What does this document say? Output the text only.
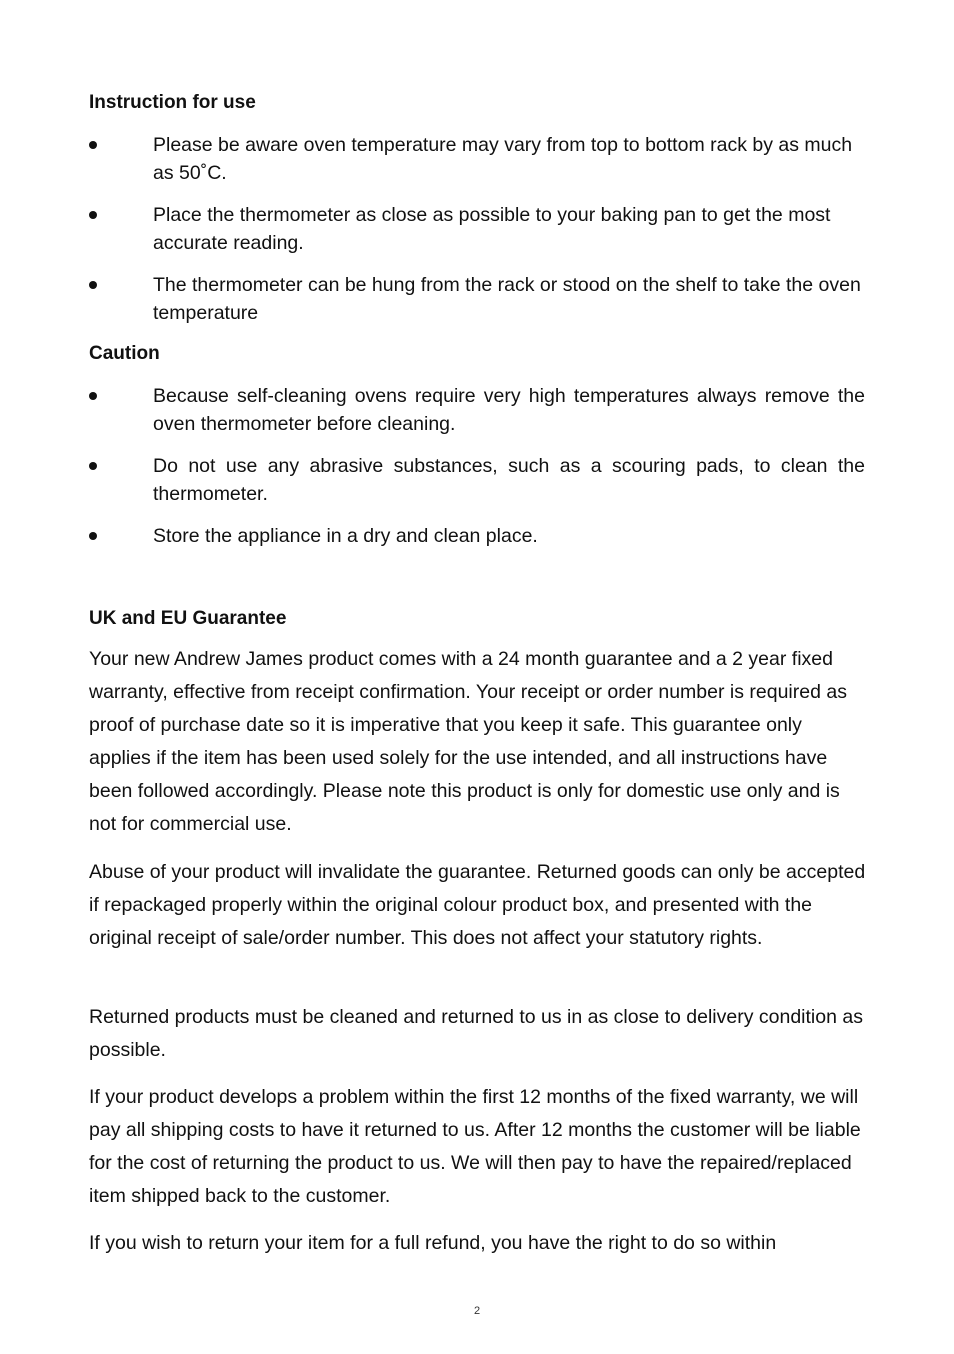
Instruction for use

Please be aware oven temperature may vary from top to bottom rack by as much as 50˚C.

Place the thermometer as close as possible to your baking pan to get the most accurate reading.

The thermometer can be hung from the rack or stood on the shelf to take the oven temperature

Caution

Because self-cleaning ovens require very high temperatures always remove the oven thermometer before cleaning.

Do not use any abrasive substances, such as a scouring pads, to clean the thermometer.

Store the appliance in a dry and clean place.

UK and EU Guarantee

Your new Andrew James product comes with a 24 month guarantee and a 2 year fixed warranty, effective from receipt confirmation. Your receipt or order number is required as proof of purchase date so it is imperative that you keep it safe. This guarantee only applies if the item has been used solely for the use intended, and all instructions have been followed accordingly. Please note this product is only for domestic use only and is not for commercial use.

Abuse of your product will invalidate the guarantee. Returned goods can only be accepted if repackaged properly within the original colour product box, and presented with the original receipt of sale/order number. This does not affect your statutory rights.

Returned products must be cleaned and returned to us in as close to delivery condition as possible.

If your product develops a problem within the first 12 months of the fixed warranty, we will pay all shipping costs to have it returned to us. After 12 months the customer will be liable for the cost of returning the product to us. We will then pay to have the repaired/replaced item shipped back to the customer.

If you wish to return your item for a full refund, you have the right to do so within

2
